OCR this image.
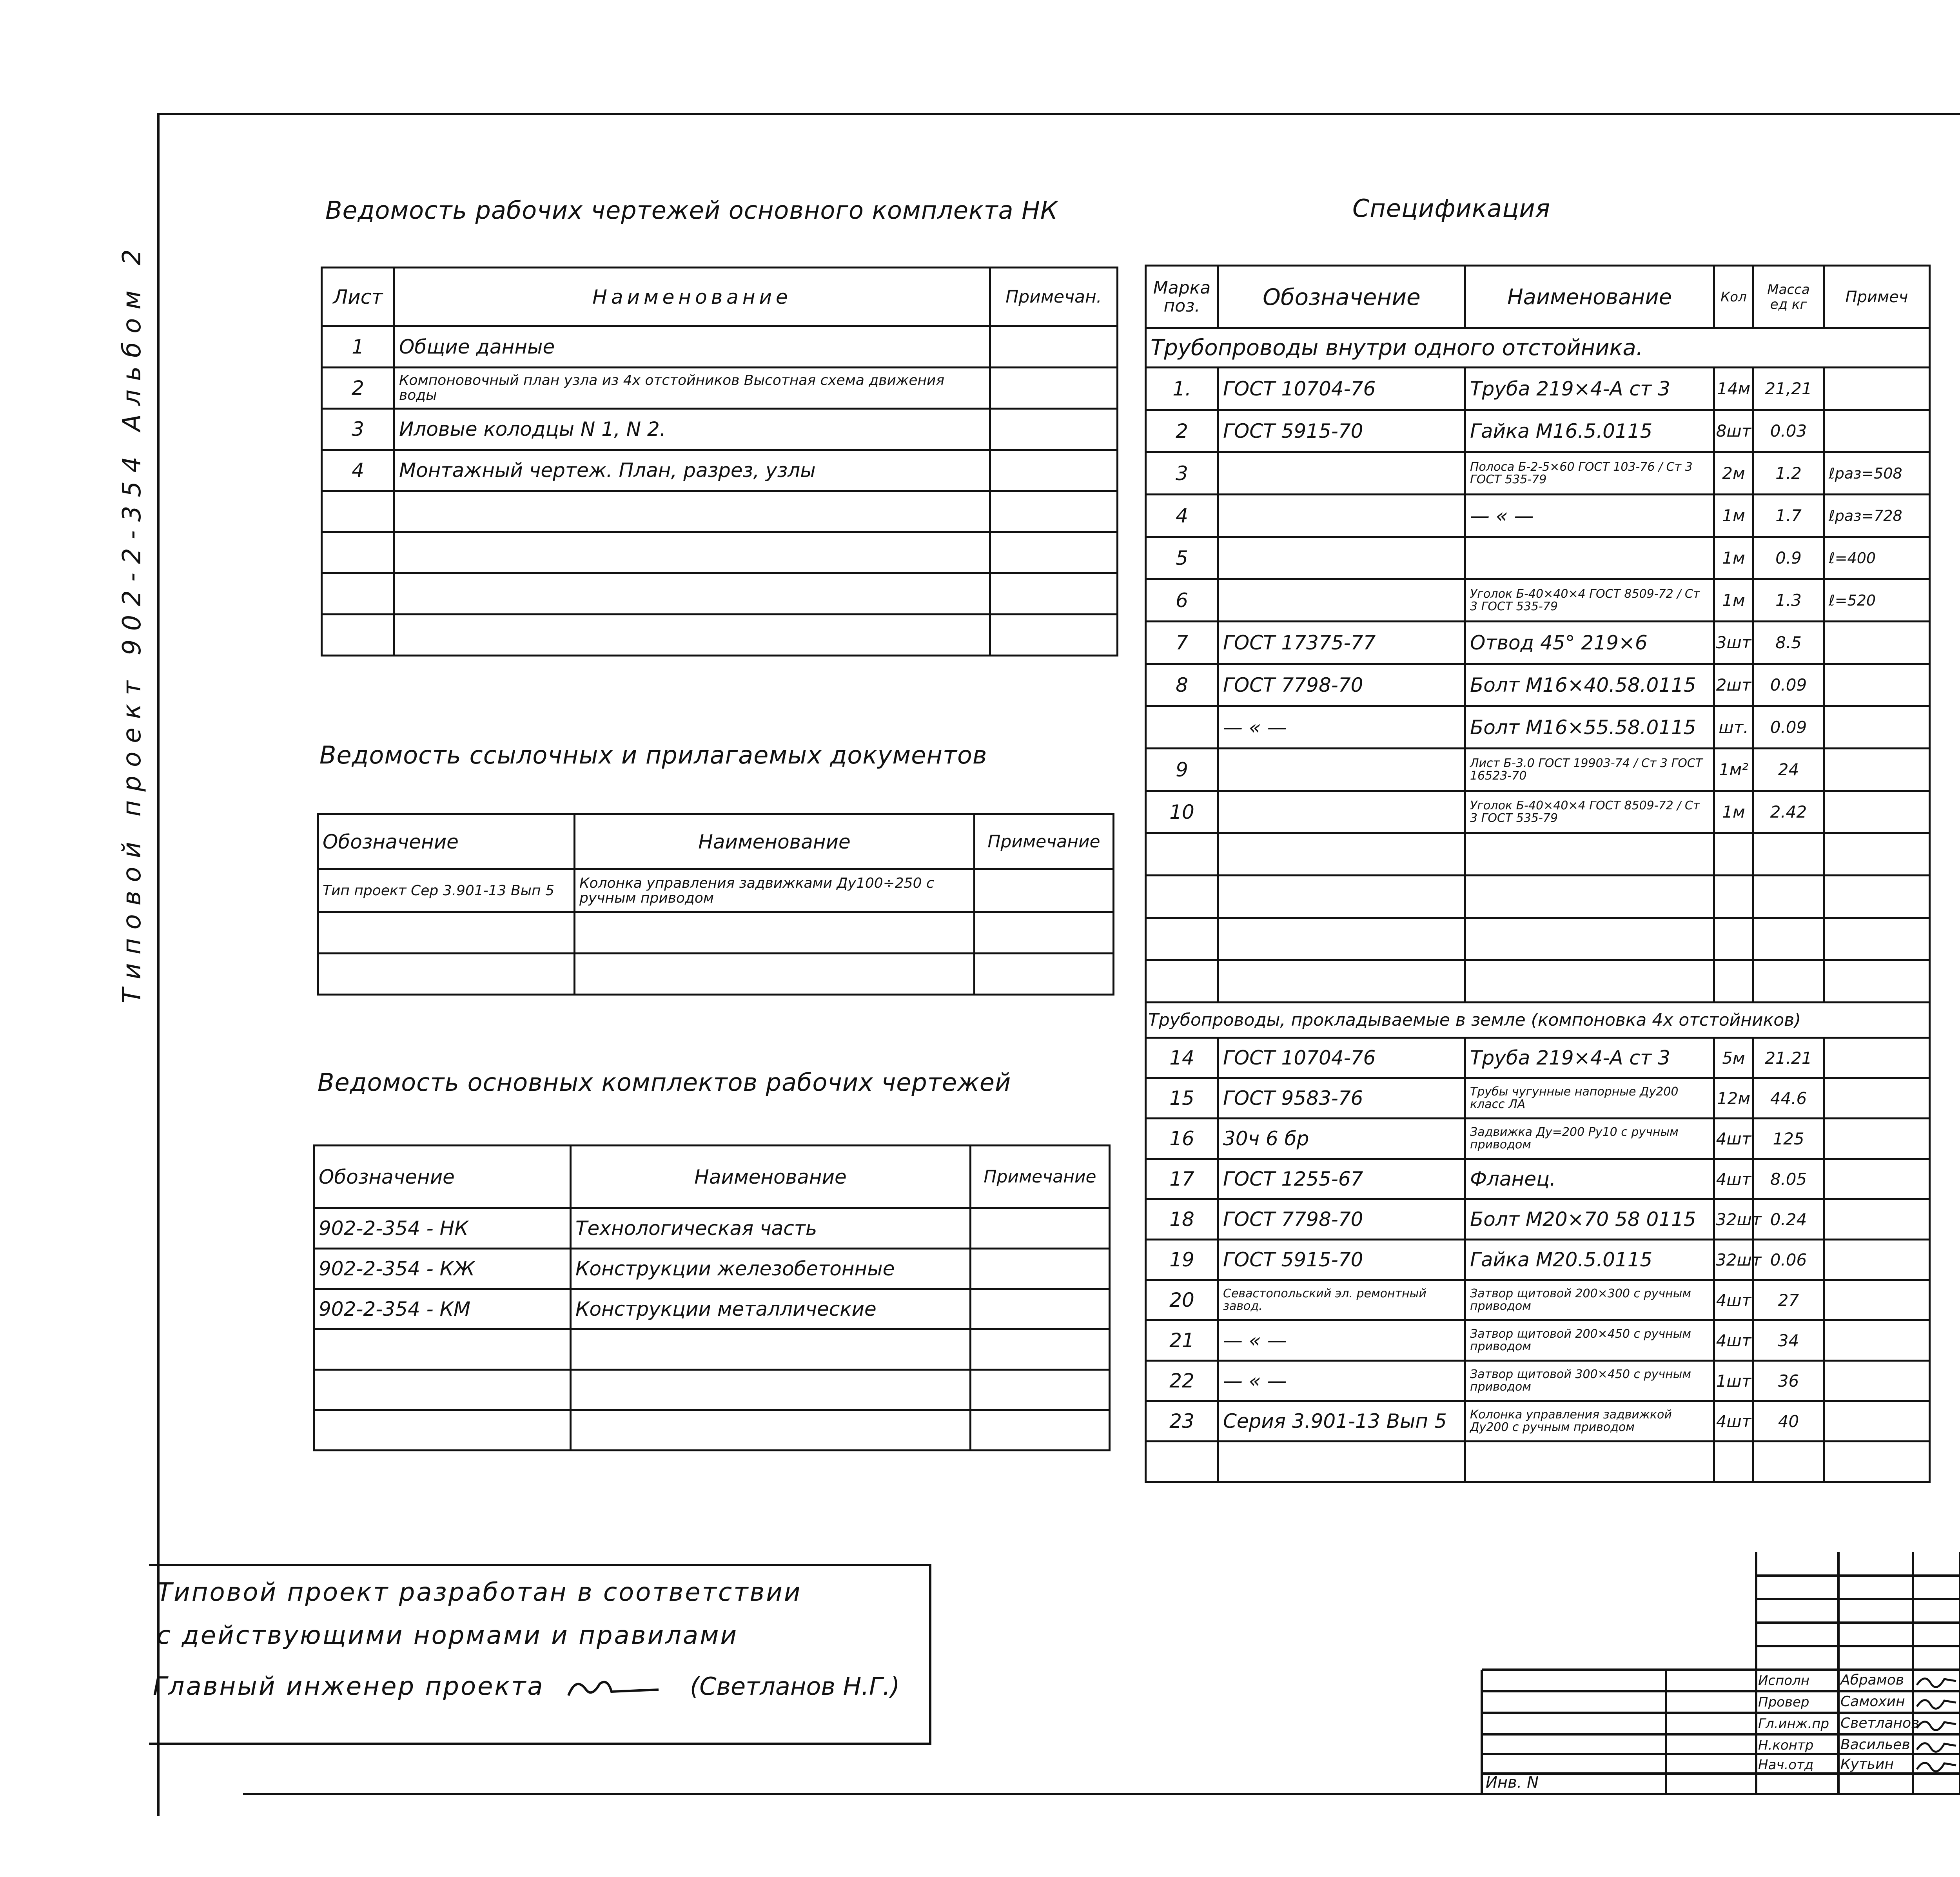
Типовой проект 902-2-354 Альбом 2
Ведомость рабочих чертежей основного комплекта НК
Лист	Наименование	Примечан.
1	Общие данные	
2	Компоновочный план узла из 4х отстойников Высотная схема движения воды	
3	Иловые колодцы N 1, N 2.	
4	Монтажный чертеж. План, разрез, узлы	

Ведомость ссылочных и прилагаемых документов
Обозначение	Наименование	Примечание
Тип проект Сер 3.901-13 Вып 5	Колонка управления задвижками Ду100÷250 с ручным приводом	

Ведомость основных комплектов рабочих чертежей
Обозначение	Наименование	Примечание
902-2-354 - НК	Технологическая часть	
902-2-354 - КЖ	Конструкции железобетонные	
902-2-354 - КМ	Конструкции металлические	

Спецификация
Марка поз.	Обозначение	Наименование	Кол	Масса ед кг	Примеч
Трубопроводы внутри одного отстойника.					
1.	ГОСТ 10704-76	Труба 219×4-А ст 3	14м	21,21	
2	ГОСТ 5915-70	Гайка М16.5.0115	8шт	0.03	
3		Полоса Б-2-5×60 ГОСТ 103-76 / Ст 3 ГОСТ 535-79	2м	1.2	ℓраз=508
4		— « —	1м	1.7	ℓраз=728
5			1м	0.9	ℓ=400
6		Уголок Б-40×40×4 ГОСТ 8509-72 / Ст 3 ГОСТ 535-79	1м	1.3	ℓ=520
7	ГОСТ 17375-77	Отвод 45° 219×6	3шт	8.5	
8	ГОСТ 7798-70	Болт М16×40.58.0115	2шт	0.09	
	— « —	Болт М16×55.58.0115	шт.	0.09	
9		Лист Б-3.0 ГОСТ 19903-74 / Ст 3 ГОСТ 16523-70	1м²	24	
10		Уголок Б-40×40×4 ГОСТ 8509-72 / Ст 3 ГОСТ 535-79	1м	2.42	

Трубопроводы, прокладываемые в земле (компоновка 4х отстойников)					
14	ГОСТ 10704-76	Труба 219×4-А ст 3	5м	21.21	
15	ГОСТ 9583-76	Трубы чугунные напорные Ду200 класс ЛА	12м	44.6	
16	30ч 6 бр	Задвижка Ду=200 Ру10 с ручным приводом	4шт	125	
17	ГОСТ 1255-67	Фланец.	4шт	8.05	
18	ГОСТ 7798-70	Болт М20×70 58 0115	32шт	0.24	
19	ГОСТ 5915-70	Гайка М20.5.0115	32шт	0.06	
20	Севастопольский эл. ремонтный завод.	Затвор щитовой 200×300 с ручным приводом	4шт	27	
21	— « —	Затвор щитовой 200×450 с ручным приводом	4шт	34	
22	— « —	Затвор щитовой 300×450 с ручным приводом	1шт	36	
23	Серия 3.901-13 Вып 5	Колонка управления задвижкой Ду200 с ручным приводом	4шт	40	

Типовой проект разработан в соответствии
с действующими нормами и правилами
Главный инженер проекта	(Светланов Н.Г.)
Инв. N
Исполн Абрамов
Провер Самохин
Гл.инж.пр Светланов
Н.контр Васильев
Нач.отд Кутьин
